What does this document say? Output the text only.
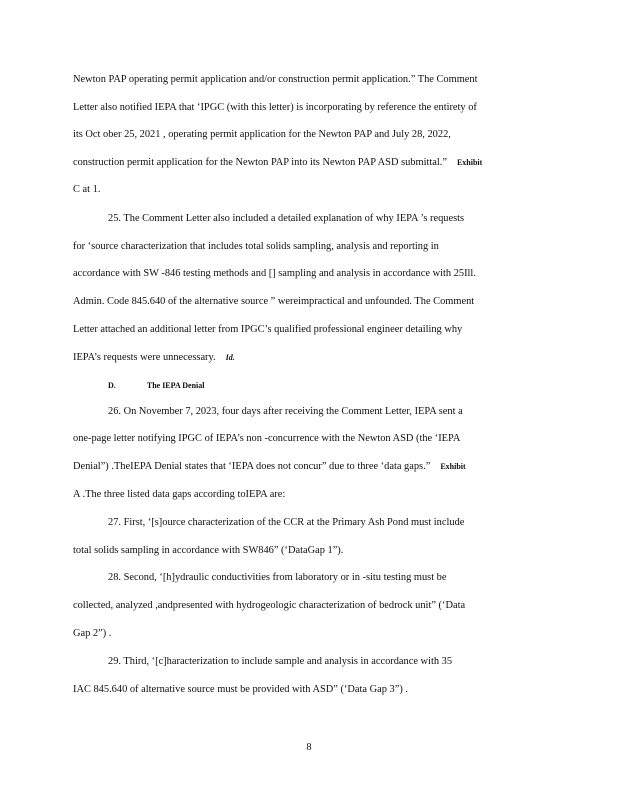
Newton PAP operating permit application and/or construction permit application.” The Comment
Letter also notified IEPA that ‘IPGC (with this letter) is incorporating by reference the entirety of
its Oct ober 25, 2021 , operating permit application for the Newton PAP and July 28, 2022,
construction permit application for the Newton PAP into its Newton PAP ASD submittal.” Exhibit
C at 1.
25. The Comment Letter also included a detailed explanation of why IEPA ’s requests
for ‘source characterization that includes total solids sampling, analysis and reporting in
accordance with SW -846 testing methods and [] sampling and analysis in accordance with 25Ill.
Admin. Code 845.640 of the alternative source ” wereimpractical and unfounded. The Comment
Letter attached an additional letter from IPGC’s qualified professional engineer detailing why
IEPA’s requests were unnecessary. Id.
D.	The IEPA Denial
26. On November 7, 2023, four days after receiving the Comment Letter, IEPA sent a
one-page letter notifying IPGC of IEPA’s non -concurrence with the Newton ASD (the ‘IEPA
Denial”) .TheIEPA Denial states that ‘IEPA does not concur” due to three ‘data gaps.” Exhibit
A .The three listed data gaps according toIEPA are:
27. First, ‘[s]ource characterization of the CCR at the Primary Ash Pond must include
total solids sampling in accordance with SW846” (‘DataGap 1”).
28. Second, ‘[h]ydraulic conductivities from laboratory or in -situ testing must be
collected, analyzed ,andpresented with hydrogeologic characterization of bedrock unit” (‘Data
Gap 2”) .
29. Third, ‘[c]haracterization to include sample and analysis in accordance with 35
IAC 845.640 of alternative source must be provided with ASD” (‘Data Gap 3”) .
8
